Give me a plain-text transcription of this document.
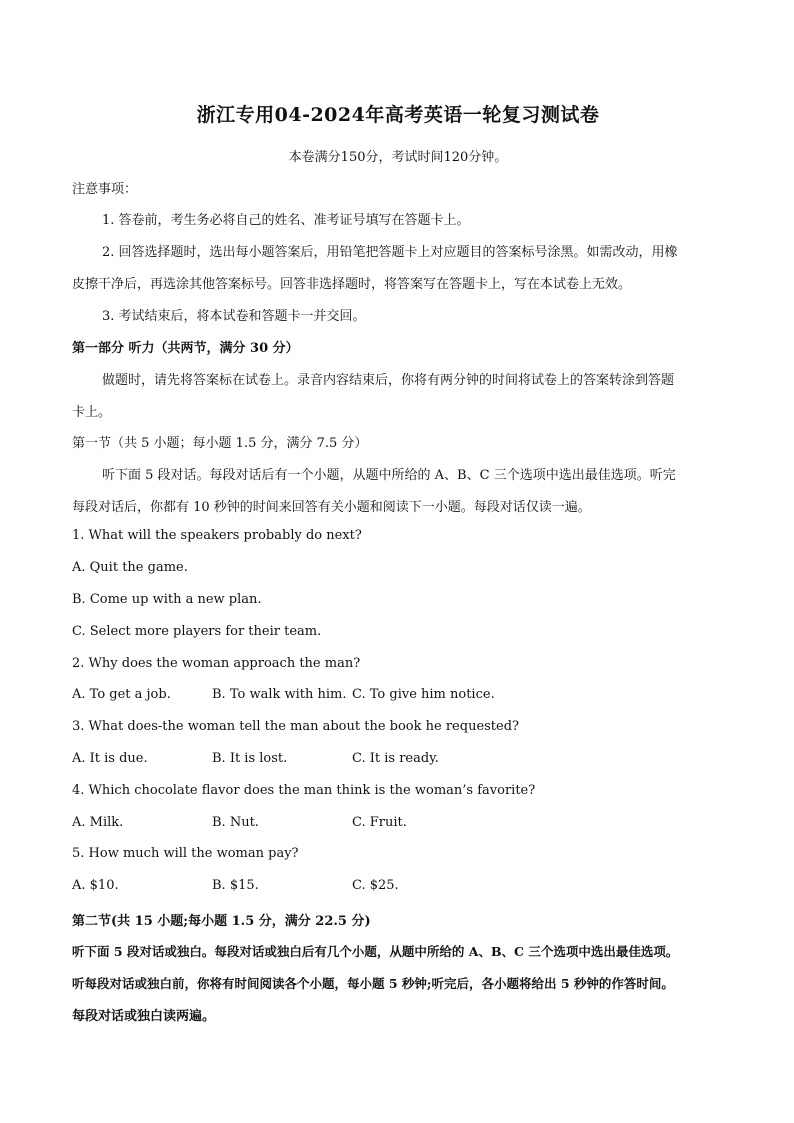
浙江专用04-2024年高考英语一轮复习测试卷
本卷满分150分，考试时间120分钟。
注意事项：
1. 答卷前，考生务必将自己的姓名、准考证号填写在答题卡上。
2. 回答选择题时，选出每小题答案后，用铅笔把答题卡上对应题目的答案标号涂黑。如需改动，用橡
皮擦干净后，再选涂其他答案标号。回答非选择题时，将答案写在答题卡上，写在本试卷上无效。
3. 考试结束后，将本试卷和答题卡一并交回。
第一部分 听力（共两节，满分 30 分）
做题时，请先将答案标在试卷上。录音内容结束后，你将有两分钟的时间将试卷上的答案转涂到答题
卡上。
第一节（共 5 小题；每小题 1.5 分，满分 7.5 分）
听下面 5 段对话。每段对话后有一个小题，从题中所给的 A、B、C 三个选项中选出最佳选项。听完
每段对话后，你都有 10 秒钟的时间来回答有关小题和阅读下一小题。每段对话仅读一遍。
1. What will the speakers probably do next?
A. Quit the game.
B. Come up with a new plan.
C. Select more players for their team.
2. Why does the woman approach the man?
A. To get a job.	B. To walk with him. C. To give him notice.
3. What does-the woman tell the man about the book he requested?
A. It is due.	B. It is lost.	C. It is ready.
4. Which chocolate flavor does the man think is the woman’s favorite?
A. Milk.	B. Nut.	C. Fruit.
5. How much will the woman pay?
A. $10.	B. $15.	C. $25.
第二节(共 15 小题;每小题 1.5 分，满分 22.5 分)
听下面 5 段对话或独白。每段对话或独白后有几个小题，从题中所给的 A、B、C 三个选项中选出最佳选项。
听每段对话或独白前，你将有时间阅读各个小题，每小题 5 秒钟;听完后，各小题将给出 5 秒钟的作答时间。
每段对话或独白读两遍。
